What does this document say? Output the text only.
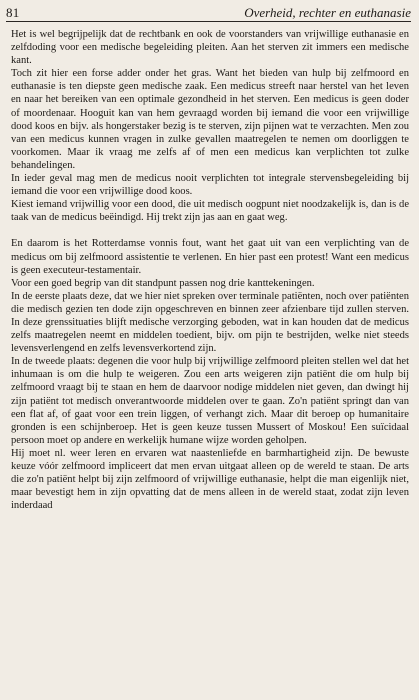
81	Overheid, rechter en euthanasie

Het is wel begrijpelijk dat de rechtbank en ook de voorstanders van vrijwillige euthanasie en zelfdoding voor een medische begeleiding pleiten. Aan het sterven zit immers een medische kant.

Toch zit hier een forse adder onder het gras. Want het bieden van hulp bij zelfmoord en euthanasie is ten diepste geen medische zaak. Een medicus streeft naar herstel van het leven en naar het bereiken van een optimale gezondheid in het sterven. Een medicus is geen doder of moordenaar. Hooguit kan van hem gevraagd worden bij iemand die voor een vrijwillige dood koos en bijv. als hongerstaker bezig is te sterven, zijn pijnen wat te verzachten. Men zou van een medicus kunnen vragen in zulke gevallen maatregelen te nemen om doorliggen te voorkomen. Maar ik vraag me zelfs af of men een medicus kan verplichten tot zulke behandelingen.

In ieder geval mag men de medicus nooit verplichten tot integrale stervensbegeleiding bij iemand die voor een vrijwillige dood koos.

Kiest iemand vrijwillig voor een dood, die uit medisch oogpunt niet noodzakelijk is, dan is de taak van de medicus beëindigd. Hij trekt zijn jas aan en gaat weg.

En daarom is het Rotterdamse vonnis fout, want het gaat uit van een verplichting van de medicus om bij zelfmoord assistentie te verlenen. En hier past een protest! Want een medicus is geen executeur-testamentair.

Voor een goed begrip van dit standpunt passen nog drie kanttekeningen.

In de eerste plaats deze, dat we hier niet spreken over terminale patiënten, noch over patiënten die medisch gezien ten dode zijn opgeschreven en binnen zeer afzienbare tijd zullen sterven. In deze grenssituaties blijft medische verzorging geboden, wat in kan houden dat de medicus zelfs maatregelen neemt en middelen toedient, bijv. om pijn te bestrijden, welke niet steeds levensverlengend en zelfs levensverkortend zijn.

In de tweede plaats: degenen die voor hulp bij vrijwillige zelfmoord pleiten stellen wel dat het inhumaan is om die hulp te weigeren. Zou een arts weigeren zijn patiënt die om hulp bij zelfmoord vraagt bij te staan en hem de daarvoor nodige middelen niet geven, dan dwingt hij zijn patiënt tot medisch onverantwoorde middelen over te gaan. Zo'n patiënt springt dan van een flat af, of gaat voor een trein liggen, of verhangt zich. Maar dit beroep op humanitaire gronden is een schijnberoep. Het is geen keuze tussen Mussert of Moskou! Een suïcidaal persoon moet op andere en werkelijk humane wijze worden geholpen.

Hij moet nl. weer leren en ervaren wat naastenliefde en barmhartigheid zijn. De bewuste keuze vóór zelfmoord impliceert dat men ervan uitgaat alleen op de wereld te staan. De arts die zo'n patiënt helpt bij zijn zelfmoord of vrijwillige euthanasie, helpt die man eigenlijk niet, maar bevestigt hem in zijn opvatting dat de mens alleen in de wereld staat, zodat zijn leven inderdaad
